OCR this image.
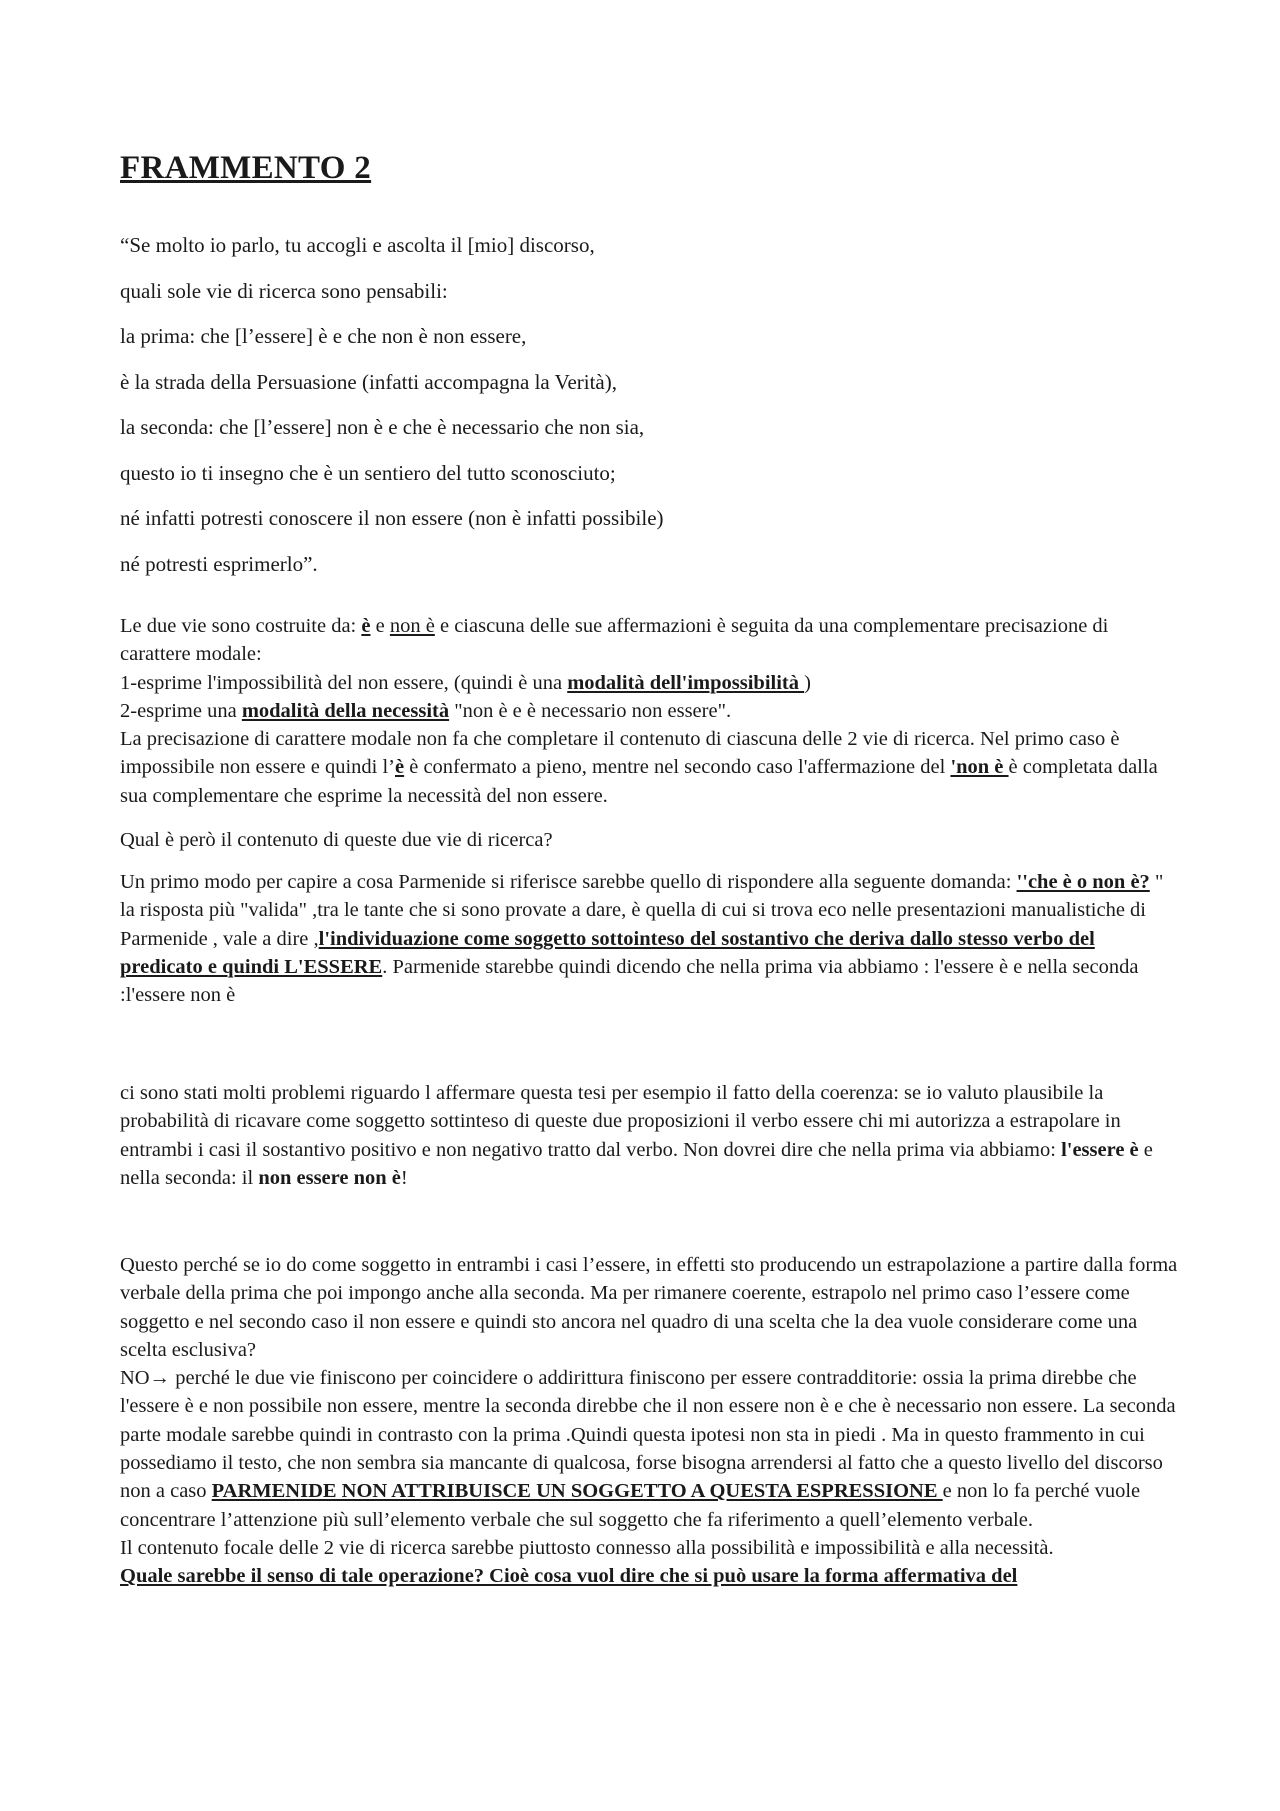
FRAMMENTO 2

“Se molto io parlo, tu accogli e ascolta il [mio] discorso,

quali sole vie di ricerca sono pensabili:

la prima: che [l’essere] è e che non è non essere,

è la strada della Persuasione (infatti accompagna la Verità),

la seconda: che [l’essere] non è e che è necessario che non sia,

questo io ti insegno che è un sentiero del tutto sconosciuto;

né infatti potresti conoscere il non essere (non è infatti possibile)

né potresti esprimerlo”.

Le due vie sono costruite da: è e non è e ciascuna delle sue affermazioni è seguita da una complementare precisazione di carattere modale:
1-esprime l'impossibilità del non essere, (quindi è una modalità dell'impossibilità )
2-esprime una modalità della necessità "non è e è necessario non essere".
La precisazione di carattere modale non fa che completare il contenuto di ciascuna delle 2 vie di ricerca. Nel primo caso è impossibile non essere e quindi l’è è confermato a pieno, mentre nel secondo caso l'affermazione del 'non è è completata dalla sua complementare che esprime la necessità del non essere.

Qual è però il contenuto di queste due vie di ricerca?

Un primo modo per capire a cosa Parmenide si riferisce sarebbe quello di rispondere alla seguente domanda: ''che è o non è? " la risposta più "valida" ,tra le tante che si sono provate a dare, è quella di cui si trova eco nelle presentazioni manualistiche di Parmenide , vale a dire ,l'individuazione come soggetto sottointeso del sostantivo che deriva dallo stesso verbo del predicato e quindi L'ESSERE. Parmenide starebbe quindi dicendo che nella prima via abbiamo : l'essere è e nella seconda :l'essere non è

ci sono stati molti problemi riguardo l affermare questa tesi per esempio il fatto della coerenza: se io valuto plausibile la probabilità di ricavare come soggetto sottinteso di queste due proposizioni il verbo essere chi mi autorizza a estrapolare in entrambi i casi il sostantivo positivo e non negativo tratto dal verbo. Non dovrei dire che nella prima via abbiamo: l'essere è e nella seconda: il non essere non è!

Questo perché se io do come soggetto in entrambi i casi l’essere, in effetti sto producendo un estrapolazione a partire dalla forma verbale della prima che poi impongo anche alla seconda. Ma per rimanere coerente, estrapolo nel primo caso l’essere come soggetto e nel secondo caso il non essere e quindi sto ancora nel quadro di una scelta che la dea vuole considerare come una scelta esclusiva?
NO→ perché le due vie finiscono per coincidere o addirittura finiscono per essere contradditorie: ossia la prima direbbe che l'essere è e non possibile non essere, mentre la seconda direbbe che il non essere non è e che è necessario non essere. La seconda parte modale sarebbe quindi in contrasto con la prima .Quindi questa ipotesi non sta in piedi . Ma in questo frammento in cui possediamo il testo, che non sembra sia mancante di qualcosa, forse bisogna arrendersi al fatto che a questo livello del discorso non a caso PARMENIDE NON ATTRIBUISCE UN SOGGETTO A QUESTA ESPRESSIONE e non lo fa perché vuole concentrare l’attenzione più sull’elemento verbale che sul soggetto che fa riferimento a quell’elemento verbale.
Il contenuto focale delle 2 vie di ricerca sarebbe piuttosto connesso alla possibilità e impossibilità e alla necessità.
Quale sarebbe il senso di tale operazione? Cioè cosa vuol dire che si può usare la forma affermativa del
